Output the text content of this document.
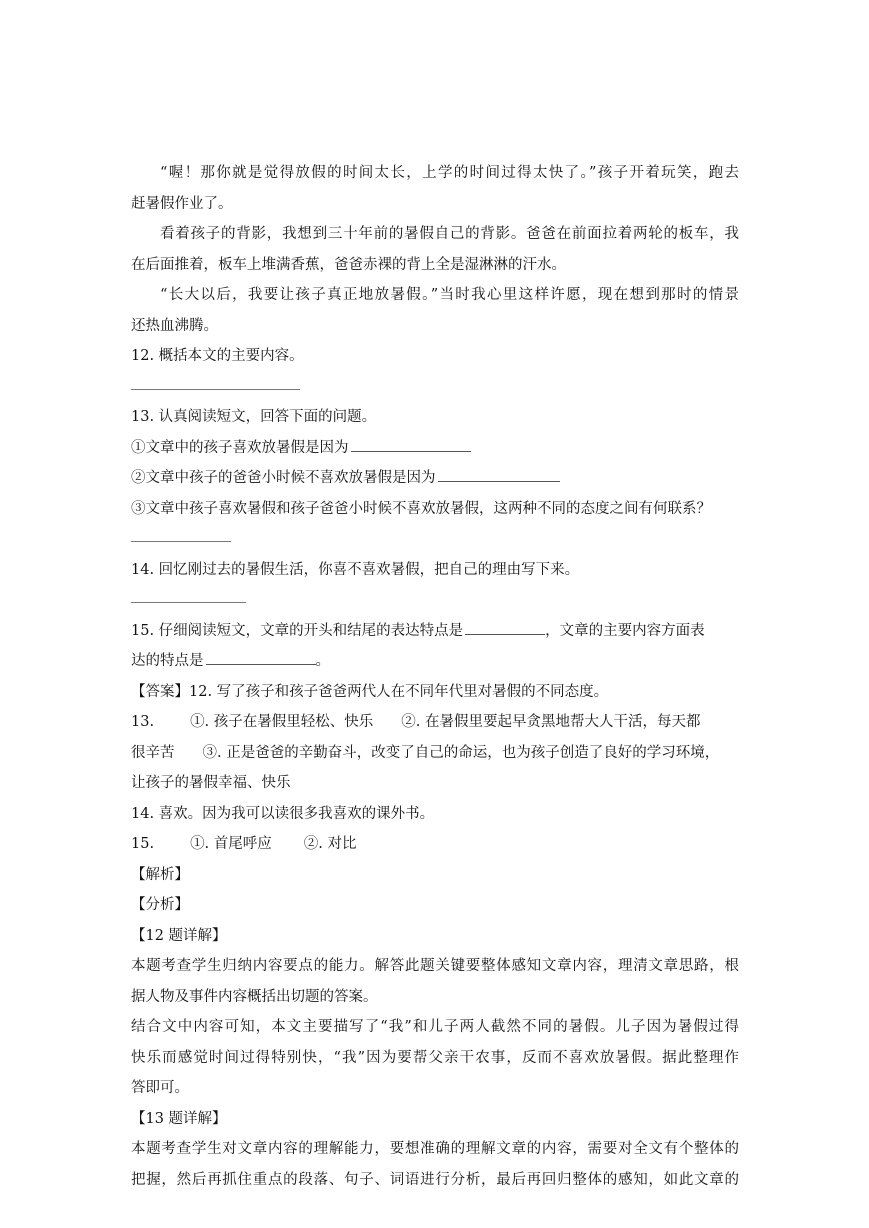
“喔！那你就是觉得放假的时间太长，上学的时间过得太快了。”孩子开着玩笑，跑去
赶暑假作业了。
看着孩子的背影，我想到三十年前的暑假自己的背影。爸爸在前面拉着两轮的板车，我
在后面推着，板车上堆满香蕉，爸爸赤裸的背上全是湿淋淋的汗水。
“长大以后，我要让孩子真正地放暑假。”当时我心里这样许愿，现在想到那时的情景
还热血沸腾。
12. 概括本文的主要内容。
13. 认真阅读短文，回答下面的问题。
①文章中的孩子喜欢放暑假是因为
②文章中孩子的爸爸小时候不喜欢放暑假是因为
③文章中孩子喜欢暑假和孩子爸爸小时候不喜欢放暑假，这两种不同的态度之间有何联系？
14. 回忆刚过去的暑假生活，你喜不喜欢暑假，把自己的理由写下来。
15. 仔细阅读短文，文章的开头和结尾的表达特点是	，文章的主要内容方面表
达的特点是	。
【答案】12. 写了孩子和孩子爸爸两代人在不同年代里对暑假的不同态度。
13. ①. 孩子在暑假里轻松、快乐 ②. 在暑假里要起早贪黑地帮大人干活，每天都
很辛苦 ③. 正是爸爸的辛勤奋斗，改变了自己的命运，也为孩子创造了良好的学习环境，
让孩子的暑假幸福、快乐
14. 喜欢。因为我可以读很多我喜欢的课外书。
15. ①. 首尾呼应 ②. 对比
【解析】
【分析】
【12 题详解】
本题考查学生归纳内容要点的能力。解答此题关键要整体感知文章内容，理清文章思路，根
据人物及事件内容概括出切题的答案。
结合文中内容可知，本文主要描写了“我”和儿子两人截然不同的暑假。儿子因为暑假过得
快乐而感觉时间过得特别快，“我”因为要帮父亲干农事，反而不喜欢放暑假。据此整理作
答即可。
【13 题详解】
本题考查学生对文章内容的理解能力，要想准确的理解文章的内容，需要对全文有个整体的
把握，然后再抓住重点的段落、句子、词语进行分析，最后再回归整体的感知，如此文章的
